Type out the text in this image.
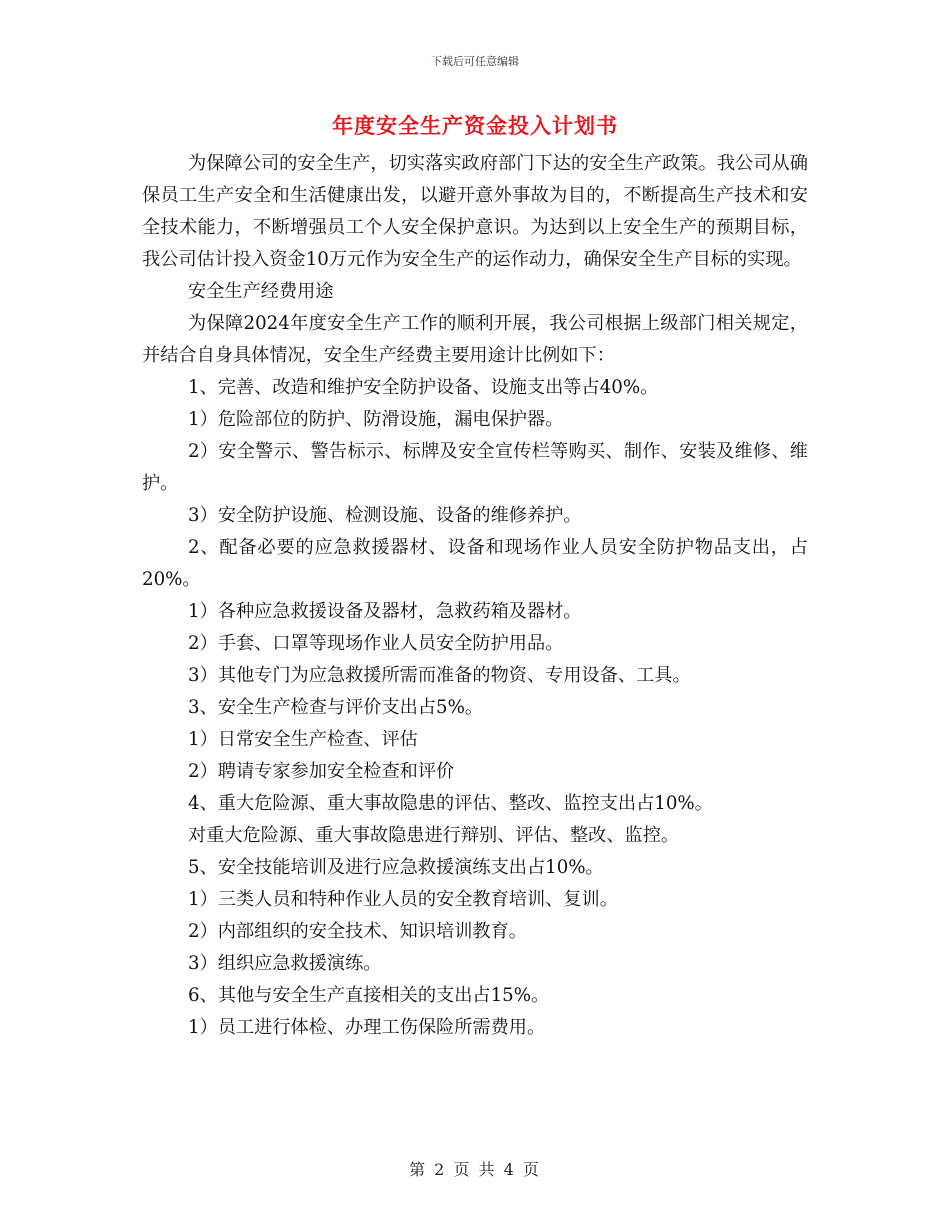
下载后可任意编辑
年度安全生产资金投入计划书

为保障公司的安全生产，切实落实政府部门下达的安全生产政策。我公司从确保员工生产安全和生活健康出发，以避开意外事故为目的，不断提高生产技术和安全技术能力，不断增强员工个人安全保护意识。为达到以上安全生产的预期目标，我公司估计投入资金10万元作为安全生产的运作动力，确保安全生产目标的实现。

安全生产经费用途

为保障2024年度安全生产工作的顺利开展，我公司根据上级部门相关规定，并结合自身具体情况，安全生产经费主要用途计比例如下：

1、完善、改造和维护安全防护设备、设施支出等占40%。

1）危险部位的防护、防滑设施，漏电保护器。

2）安全警示、警告标示、标牌及安全宣传栏等购买、制作、安装及维修、维护。

3）安全防护设施、检测设施、设备的维修养护。

2、配备必要的应急救援器材、设备和现场作业人员安全防护物品支出，占20%。

1）各种应急救援设备及器材，急救药箱及器材。

2）手套、口罩等现场作业人员安全防护用品。

3）其他专门为应急救援所需而准备的物资、专用设备、工具。

3、安全生产检查与评价支出占5%。

1）日常安全生产检查、评估

2）聘请专家参加安全检查和评价

4、重大危险源、重大事故隐患的评估、整改、监控支出占10%。

对重大危险源、重大事故隐患进行辩别、评估、整改、监控。

5、安全技能培训及进行应急救援演练支出占10%。

1）三类人员和特种作业人员的安全教育培训、复训。

2）内部组织的安全技术、知识培训教育。

3）组织应急救援演练。

6、其他与安全生产直接相关的支出占15%。

1）员工进行体检、办理工伤保险所需费用。

第 2 页 共 4 页
